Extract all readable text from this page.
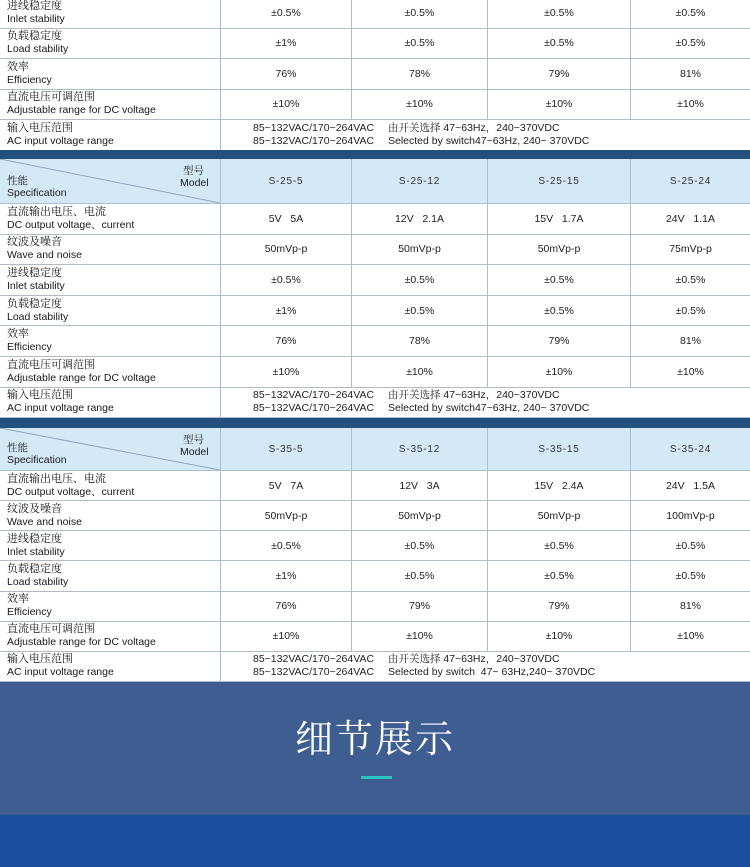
进线稳定度
Inlet stability	±0.5%	±0.5%	±0.5%	±0.5%
负载稳定度
Load stability	±1%	±0.5%	±0.5%	±0.5%
效率
Efficiency	76%	78%	79%	81%
直流电压可调范围
Adjustable range for DC voltage	±10%	±10%	±10%	±10%
输入电压范围
AC input voltage range
85~132VAC/170~264VAC	由开关选择 47~63Hz，240~370VDC
85~132VAC/170~264VAC	Selected by switch47~63Hz, 240~ 370VDC
型号
Model
性能
Specification
S-25-5	S-25-12	S-25-15	S-25-24
直流输出电压、电流
DC output voltage、current	5V   5A	12V   2.1A	15V   1.7A	24V   1.1A
纹波及噪音
Wave and noise	50mVp-p	50mVp-p	50mVp-p	75mVp-p
进线稳定度
Inlet stability	±0.5%	±0.5%	±0.5%	±0.5%
负载稳定度
Load stability	±1%	±0.5%	±0.5%	±0.5%
效率
Efficiency	76%	78%	79%	81%
直流电压可调范围
Adjustable range for DC voltage	±10%	±10%	±10%	±10%
输入电压范围
AC input voltage range
85~132VAC/170~264VAC	由开关选择 47~63Hz，240~370VDC
85~132VAC/170~264VAC	Selected by switch47~63Hz, 240~ 370VDC
型号
Model
性能
Specification
S-35-5	S-35-12	S-35-15	S-35-24
直流输出电压、电流
DC output voltage、current	5V   7A	12V   3A	15V   2.4A	24V   1.5A
纹波及噪音
Wave and noise	50mVp-p	50mVp-p	50mVp-p	100mVp-p
进线稳定度
Inlet stability	±0.5%	±0.5%	±0.5%	±0.5%
负载稳定度
Load stability	±1%	±0.5%	±0.5%	±0.5%
效率
Efficiency	76%	79%	79%	81%
直流电压可调范围
Adjustable range for DC voltage	±10%	±10%	±10%	±10%
输入电压范围
AC input voltage range
85~132VAC/170~264VAC	由开关选择 47~63Hz，240~370VDC
85~132VAC/170~264VAC	Selected by switch  47~ 63Hz,240~ 370VDC
细节展示
